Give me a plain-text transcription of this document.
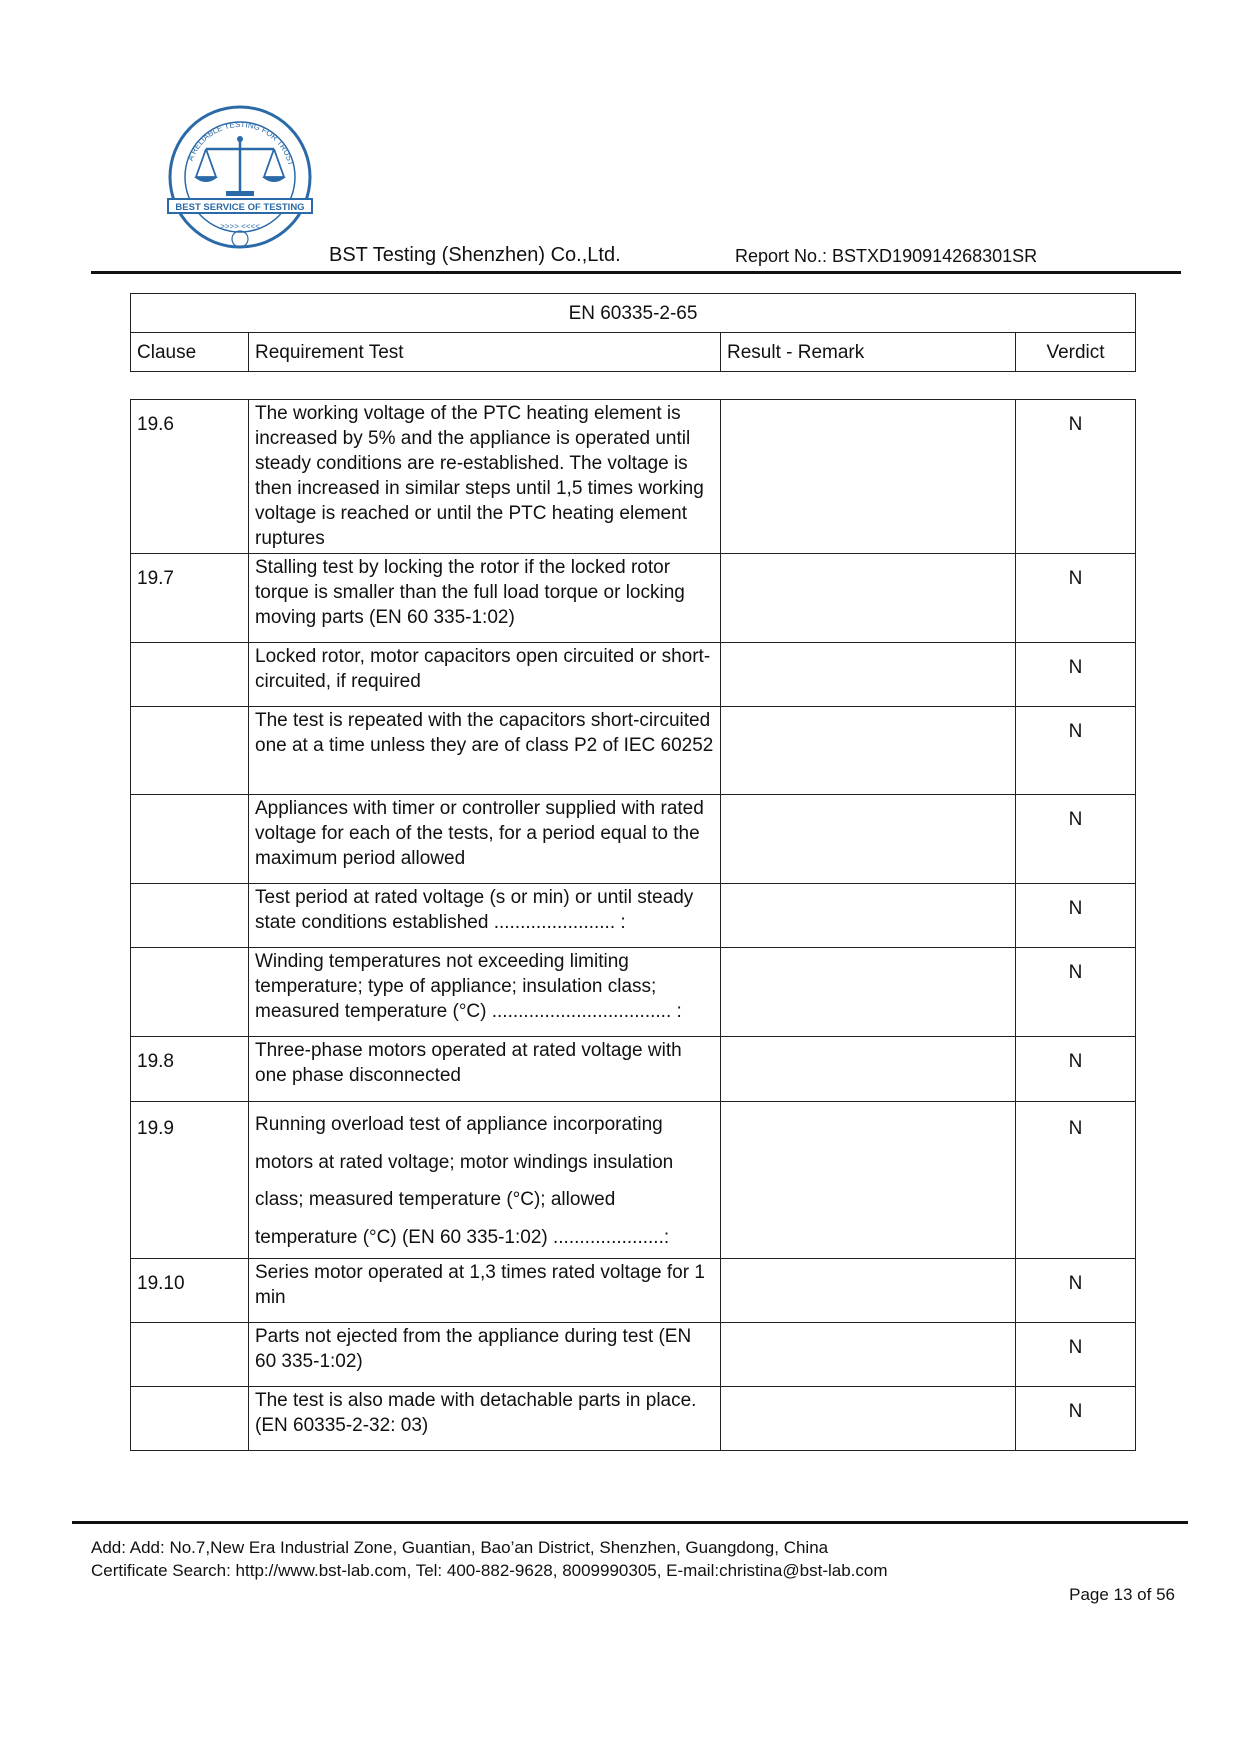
A RELIABLE TESTING FOR TRUST
BEST SERVICE OF TESTING
>>>> <<<<
BST Testing (Shenzhen) Co.,Ltd.	Report No.: BSTXD190914268301SR
EN 60335-2-65
Clause	Requirement Test	Result - Remark	Verdict
19.6	The working voltage of the PTC heating element is increased by 5% and the appliance is operated until steady conditions are re-established. The voltage is then increased in similar steps until 1,5 times working voltage is reached or until the PTC heating element ruptures		N
19.7	Stalling test by locking the rotor if the locked rotor torque is smaller than the full load torque or locking moving parts (EN 60 335-1:02)		N
	Locked rotor, motor capacitors open circuited or short-circuited, if required		N
	The test is repeated with the capacitors short-circuited one at a time unless they are of class P2 of IEC 60252		N
	Appliances with timer or controller supplied with rated voltage for each of the tests, for a period equal to the maximum period allowed		N
	Test period at rated voltage (s or min) or until steady state conditions established ....................... :		N
	Winding temperatures not exceeding limiting temperature; type of appliance; insulation class; measured temperature (°C) .................................. :		N
19.8	Three-phase motors operated at rated voltage with one phase disconnected		N
19.9	Running overload test of appliance incorporating motors at rated voltage; motor windings insulation class; measured temperature (°C); allowed temperature (°C) (EN 60 335-1:02) .....................:		N
19.10	Series motor operated at 1,3 times rated voltage for 1 min		N
	Parts not ejected from the appliance during test (EN 60 335-1:02)		N
	The test is also made with detachable parts in place. (EN 60335-2-32: 03)		N
Add: Add: No.7,New Era Industrial Zone, Guantian, Bao’an District, Shenzhen, Guangdong, China
Certificate Search: http://www.bst-lab.com, Tel: 400-882-9628, 8009990305, E-mail:christina@bst-lab.com
Page 13 of 56
